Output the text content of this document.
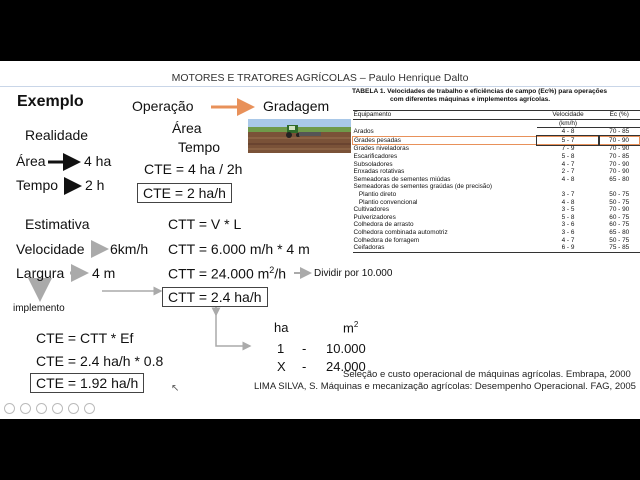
MOTORES E TRATORES AGRÍCOLAS – Paulo Henrique Dalto
Exemplo	Operação	Gradagem
Área
Tempo
CTE = 4 ha / 2h
CTE = 2 ha/h
Realidade
Área	4 ha
Tempo 2 h
Estimativa
Velocidade 6km/h
Largura 4 m
implemento
CTT = V * L
CTT = 6.000 m/h * 4 m
CTT = 24.000 $m^2/h$	Dividir por 10.000
CTT = 2.4 ha/h
CTE = CTT * Ef
CTE = 2.4 ha/h * 0.8
CTE = 1.92 ha/h
ha	$m^2$
1 - 10.000
X - 24.000
TABELA 1. Velocidades de trabalho e eficiências de campo (Ec%) para operações
com diferentes máquinas e implementos agrícolas.
Equipamento	Velocidade	Ec (%)
	(km/h)	
Arados	4 - 8	70 - 85
Grades pesadas	5 - 7	70 - 90
Grades niveladoras	7 - 9	70 - 90
Escarificadores	5 - 8	70 - 85
Subsoladores	4 - 7	70 - 90
Enxadas rotativas	2 - 7	70 - 90
Semeadoras de sementes miúdas	4 - 8	65 - 80
Semeadoras de sementes graúdas (de precisão)		
Plantio direto	3 - 7	50 - 75
Plantio convencional	4 - 8	50 - 75
Cultivadores	3 - 5	70 - 90
Pulverizadores	5 - 8	60 - 75
Colhedora de arrasto	3 - 6	60 - 75
Colhedora combinada automotriz	3 - 6	65 - 80
Colhedora de forragem	4 - 7	50 - 75
Ceifadoras	6 - 9	75 - 85
Seleção e custo operacional de máquinas agrícolas. Embrapa, 2000
LIMA SILVA, S. Máquinas e mecanização agrícolas: Desempenho Operacional. FAG, 2005
↖
